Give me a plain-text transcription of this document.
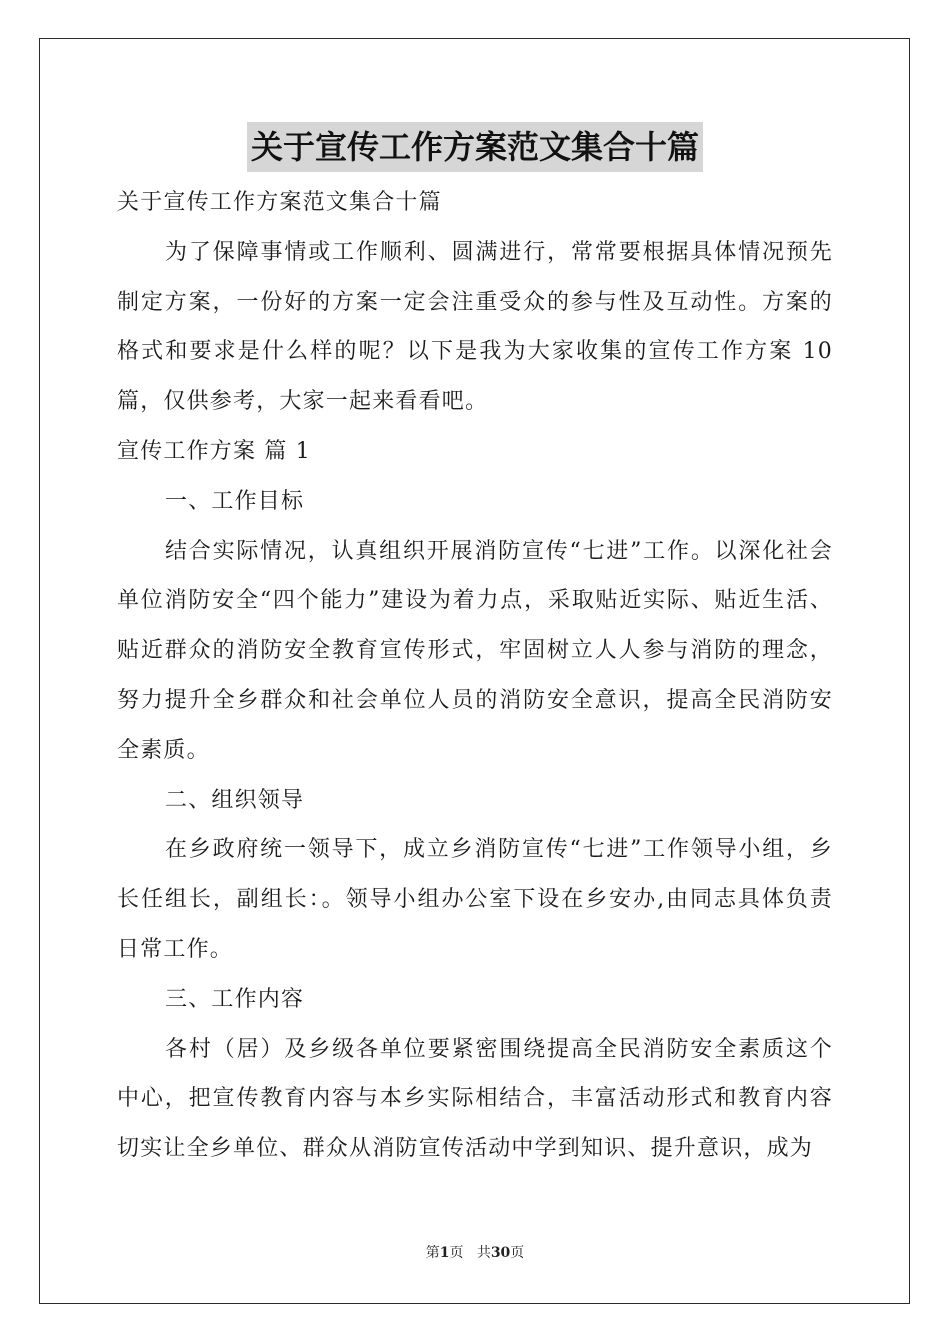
关于宣传工作方案范文集合十篇

关于宣传工作方案范文集合十篇

为了保障事情或工作顺利、圆满进行，常常要根据具体情况预先制定方案，一份好的方案一定会注重受众的参与性及互动性。方案的格式和要求是什么样的呢？以下是我为大家收集的宣传工作方案 10 篇，仅供参考，大家一起来看看吧。

宣传工作方案 篇 1

一、工作目标

结合实际情况，认真组织开展消防宣传“七进”工作。以深化社会单位消防安全“四个能力”建设为着力点，采取贴近实际、贴近生活、贴近群众的消防安全教育宣传形式，牢固树立人人参与消防的理念，努力提升全乡群众和社会单位人员的消防安全意识，提高全民消防安全素质。

二、组织领导

在乡政府统一领导下，成立乡消防宣传“七进”工作领导小组，乡长任组长，副组长：。领导小组办公室下设在乡安办,由同志具体负责日常工作。

三、工作内容

各村（居）及乡级各单位要紧密围绕提高全民消防安全素质这个中心，把宣传教育内容与本乡实际相结合，丰富活动形式和教育内容切实让全乡单位、群众从消防宣传活动中学到知识、提升意识，成为

第1页 共30页
